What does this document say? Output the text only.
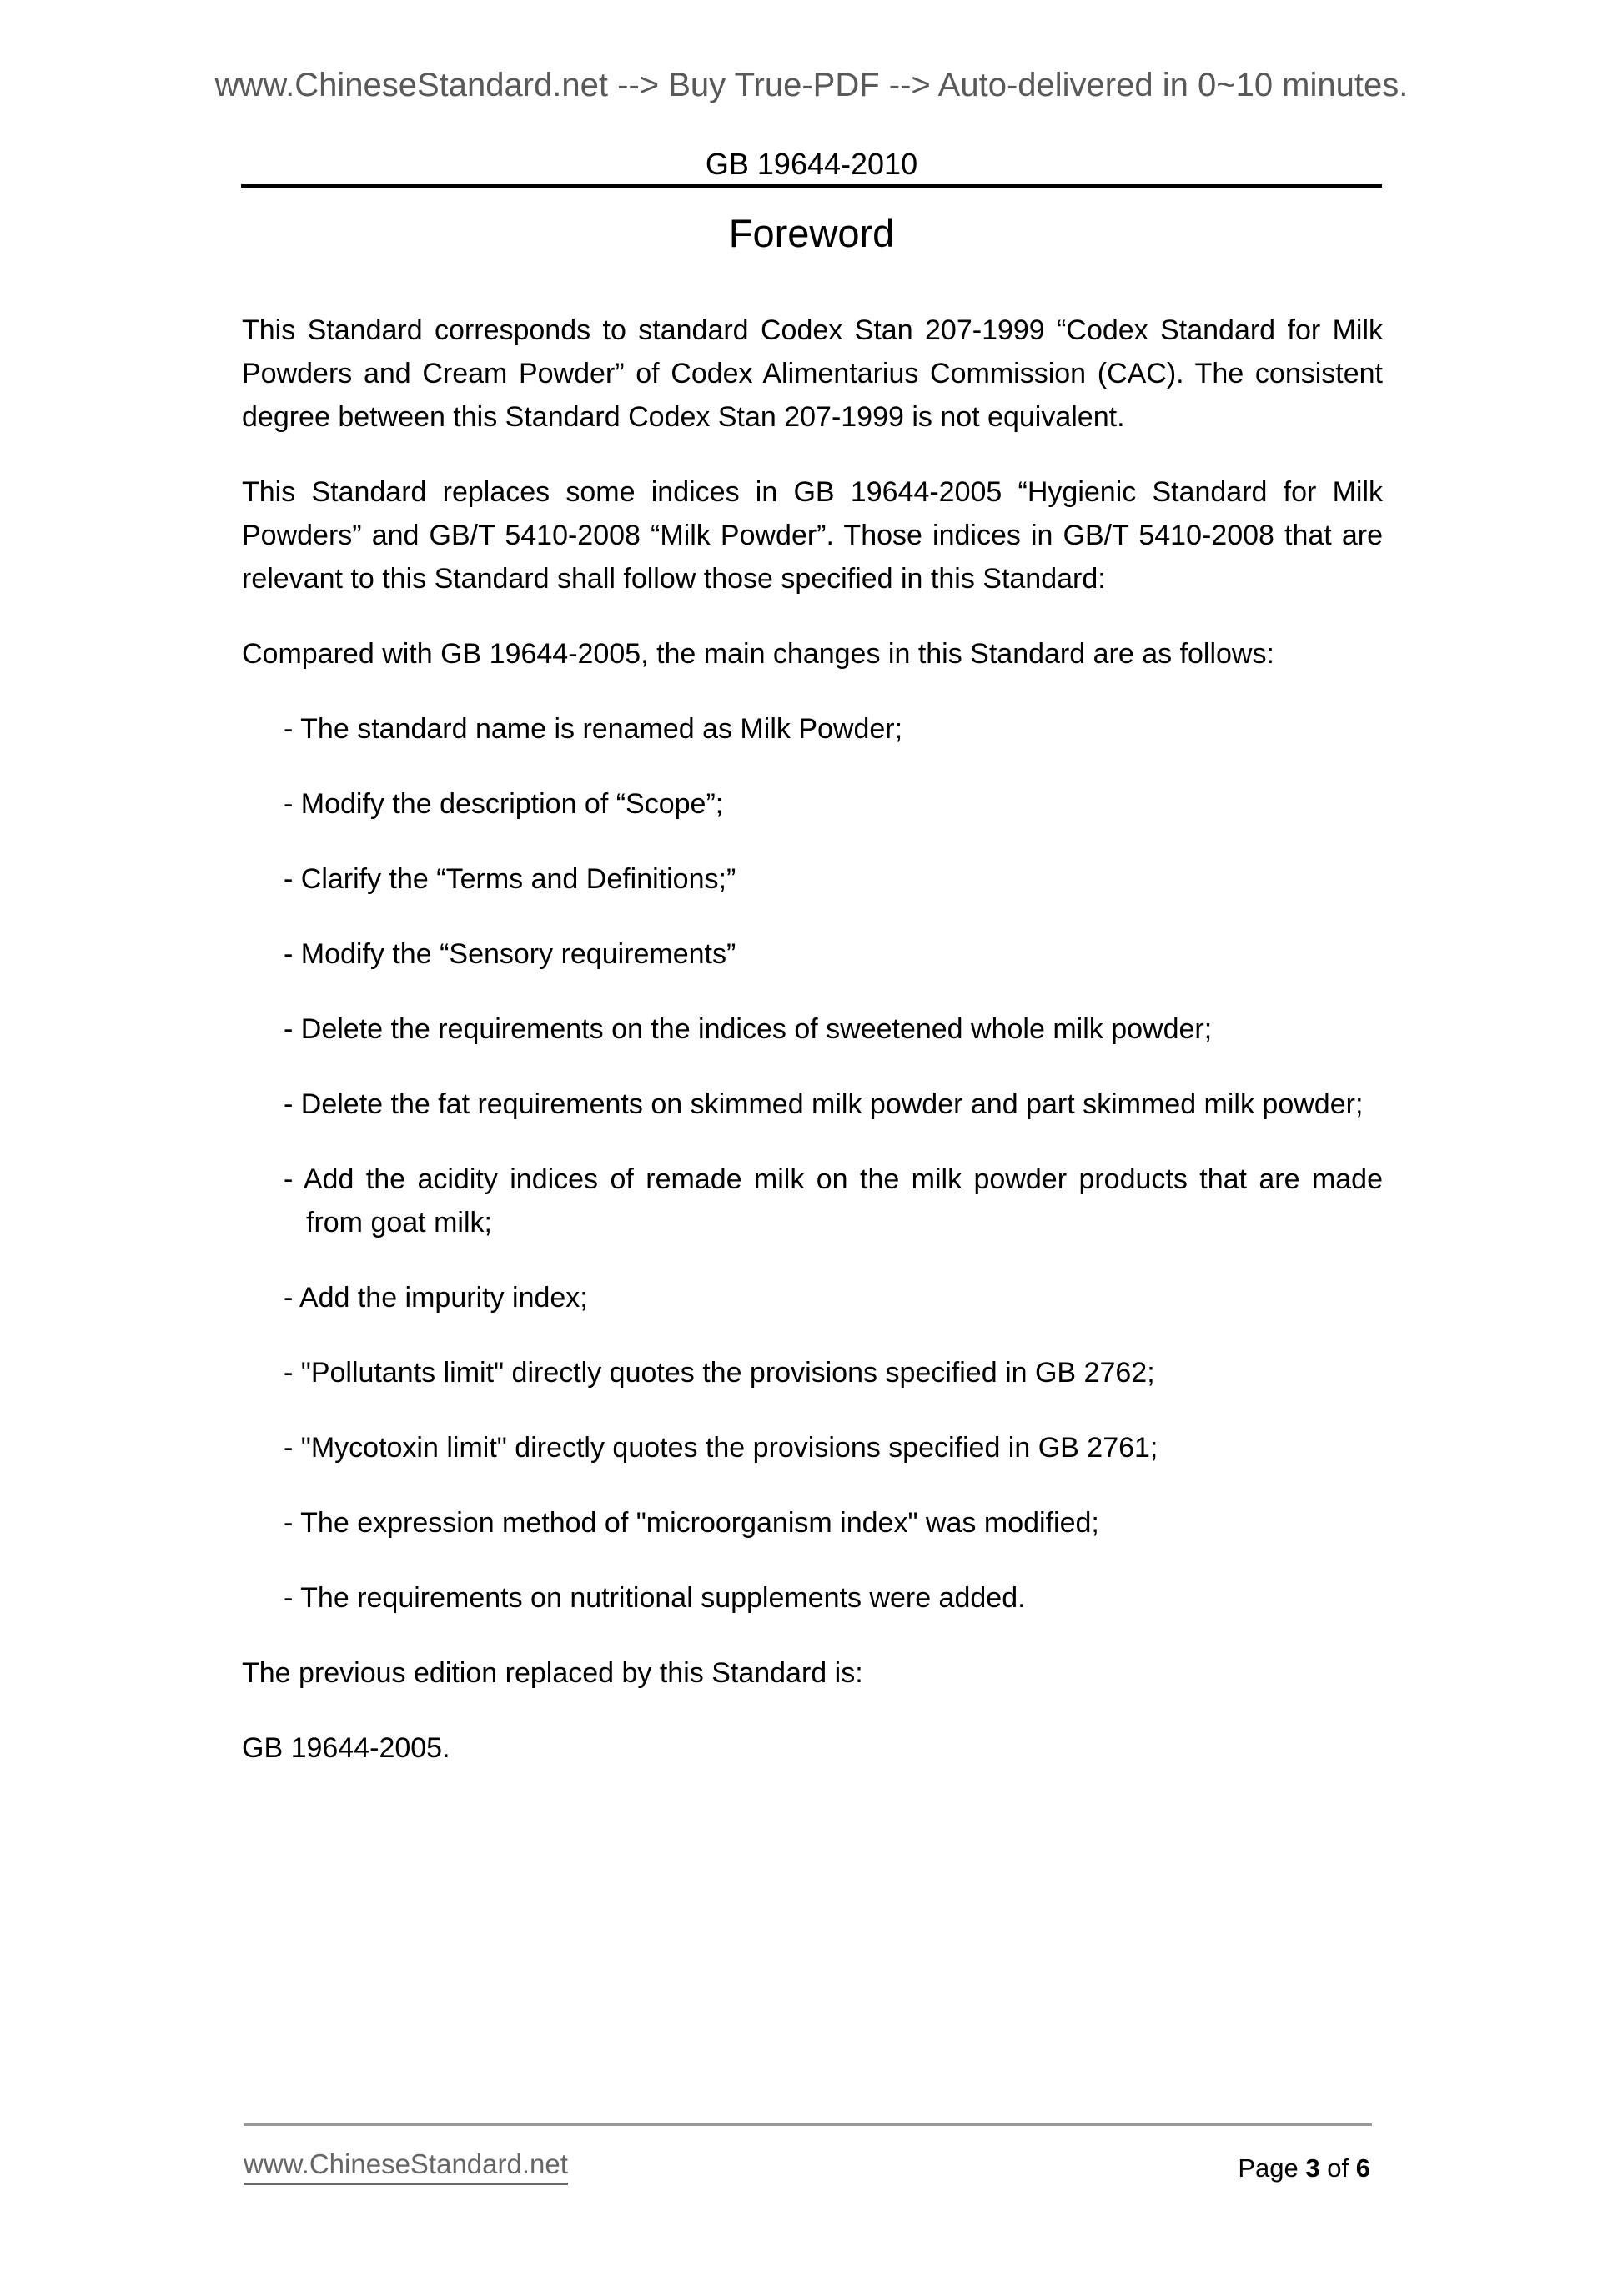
www.ChineseStandard.net --> Buy True-PDF --> Auto-delivered in 0~10 minutes.
GB 19644-2010
Foreword

This Standard corresponds to standard Codex Stan 207-1999 “Codex Standard for Milk Powders and Cream Powder” of Codex Alimentarius Commission (CAC). The consistent degree between this Standard Codex Stan 207-1999 is not equivalent.

This Standard replaces some indices in GB 19644-2005 “Hygienic Standard for Milk Powders” and GB/T 5410-2008 “Milk Powder”. Those indices in GB/T 5410-2008 that are relevant to this Standard shall follow those specified in this Standard:

Compared with GB 19644-2005, the main changes in this Standard are as follows:

- The standard name is renamed as Milk Powder;
- Modify the description of “Scope”;
- Clarify the “Terms and Definitions;”
- Modify the “Sensory requirements”
- Delete the requirements on the indices of sweetened whole milk powder;
- Delete the fat requirements on skimmed milk powder and part skimmed milk powder;
- Add the acidity indices of remade milk on the milk powder products that are made from goat milk;
- Add the impurity index;
- "Pollutants limit" directly quotes the provisions specified in GB 2762;
- "Mycotoxin limit" directly quotes the provisions specified in GB 2761;
- The expression method of "microorganism index" was modified;
- The requirements on nutritional supplements were added.

The previous edition replaced by this Standard is:

GB 19644-2005.

www.ChineseStandard.net	Page 3 of 6
